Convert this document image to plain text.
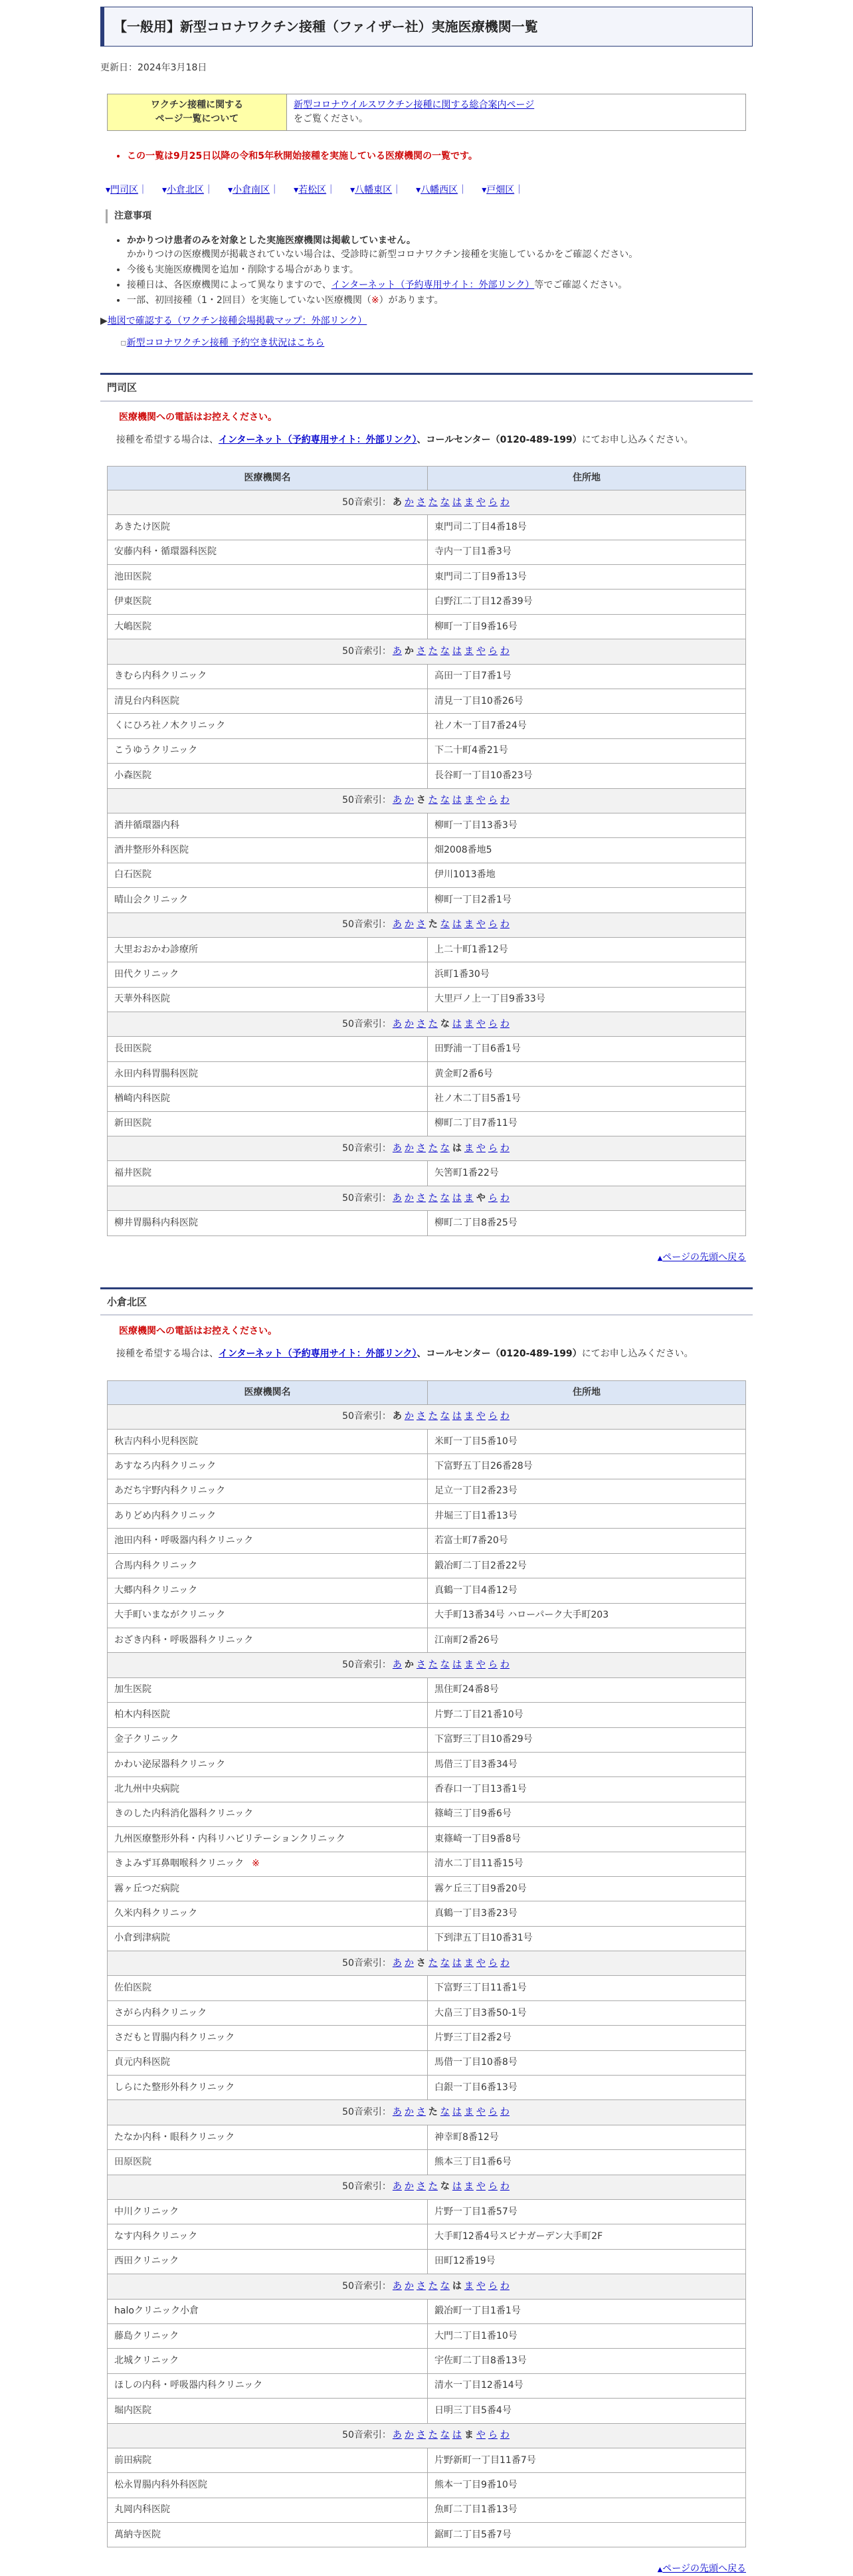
【一般用】新型コロナワクチン接種（ファイザー社）実施医療機関一覧
更新日：2024年3月18日
ワクチン接種に関する
ページ一覧について	新型コロナウイルスワクチン接種に関する総合案内ページ
をご覧ください。
• この一覧は9月25日以降の令和5年秋開始接種を実施している医療機関の一覧です。
▾門司区｜ ▾小倉北区｜ ▾小倉南区｜ ▾若松区｜ ▾八幡東区｜ ▾八幡西区｜ ▾戸畑区｜
注意事項
• かかりつけ患者のみを対象とした実施医療機関は掲載していません。
かかりつけの医療機関が掲載されていない場合は、受診時に新型コロナワクチン接種を実施しているかをご確認ください。
• 今後も実施医療機関を追加・削除する場合があります。
• 接種日は、各医療機関によって異なりますので、インターネット（予約専用サイト：外部リンク）等でご確認ください。
• 一部、初回接種（1・2回目）を実施していない医療機関（※）があります。
▶地図で確認する（ワクチン接種会場掲載マップ：外部リンク）
▫新型コロナワクチン接種 予約空き状況はこちら
門司区
医療機関への電話はお控えください。
接種を希望する場合は、インターネット（予約専用サイト：外部リンク）、コールセンター（0120-489-199）にてお申し込みください。
医療機関名	住所地
50音索引： あ か さ た な は ま や ら わ	
あきたけ医院	東門司二丁目4番18号
安藤内科・循環器科医院	寺内一丁目1番3号
池田医院	東門司二丁目9番13号
伊東医院	白野江二丁目12番39号
大嶋医院	柳町一丁目9番16号
50音索引： あ か さ た な は ま や ら わ	
きむら内科クリニック	高田一丁目7番1号
清見台内科医院	清見一丁目10番26号
くにひろ社ノ木クリニック	社ノ木一丁目7番24号
こうゆうクリニック	下二十町4番21号
小森医院	長谷町一丁目10番23号
50音索引： あ か さ た な は ま や ら わ	
酒井循環器内科	柳町一丁目13番3号
酒井整形外科医院	畑2008番地5
白石医院	伊川1013番地
晴山会クリニック	柳町一丁目2番1号
50音索引： あ か さ た な は ま や ら わ	
大里おおかわ診療所	上二十町1番12号
田代クリニック	浜町1番30号
天華外科医院	大里戸ノ上一丁目9番33号
50音索引： あ か さ た な は ま や ら わ	
長田医院	田野浦一丁目6番1号
永田内科胃腸科医院	黄金町2番6号
楢崎内科医院	社ノ木二丁目5番1号
新田医院	柳町二丁目7番11号
50音索引： あ か さ た な は ま や ら わ	
福井医院	矢筈町1番22号
50音索引： あ か さ た な は ま や ら わ	
柳井胃腸科内科医院	柳町二丁目8番25号
▲ページの先頭へ戻る
小倉北区
医療機関への電話はお控えください。
接種を希望する場合は、インターネット（予約専用サイト：外部リンク）、コールセンター（0120-489-199）にてお申し込みください。
医療機関名	住所地
50音索引： あ か さ た な は ま や ら わ	
秋吉内科小児科医院	米町一丁目5番10号
あすなろ内科クリニック	下富野五丁目26番28号
あだち宇野内科クリニック	足立一丁目2番23号
ありどめ内科クリニック	井堀三丁目1番13号
池田内科・呼吸器内科クリニック	若富士町7番20号
合馬内科クリニック	鍛冶町二丁目2番22号
大郷内科クリニック	真鶴一丁目4番12号
大手町いまながクリニック	大手町13番34号 ハローパーク大手町203
おざき内科・呼吸器科クリニック	江南町2番26号
50音索引： あ か さ た な は ま や ら わ	
加生医院	黒住町24番8号
柏木内科医院	片野二丁目21番10号
金子クリニック	下富野三丁目10番29号
かわい泌尿器科クリニック	馬借三丁目3番34号
北九州中央病院	香春口一丁目13番1号
きのした内科消化器科クリニック	篠崎三丁目9番6号
九州医療整形外科・内科リハビリテーションクリニック	東篠崎一丁目9番8号
きよみず耳鼻咽喉科クリニック ※	清水二丁目11番15号
霧ヶ丘つだ病院	霧ケ丘三丁目9番20号
久米内科クリニック	真鶴一丁目3番23号
小倉到津病院	下到津五丁目10番31号
50音索引： あ か さ た な は ま や ら わ	
佐伯医院	下富野三丁目11番1号
さがら内科クリニック	大畠三丁目3番50-1号
さだもと胃腸内科クリニック	片野三丁目2番2号
貞元内科医院	馬借一丁目10番8号
しらにた整形外科クリニック	白銀一丁目6番13号
50音索引： あ か さ た な は ま や ら わ	
たなか内科・眼科クリニック	神幸町8番12号
田原医院	熊本三丁目1番6号
50音索引： あ か さ た な は ま や ら わ	
中川クリニック	片野一丁目1番57号
なす内科クリニック	大手町12番4号スピナガーデン大手町2F
西田クリニック	田町12番19号
50音索引： あ か さ た な は ま や ら わ	
haloクリニック小倉	鍛冶町一丁目1番1号
藤島クリニック	大門二丁目1番10号
北城クリニック	宇佐町二丁目8番13号
ほしの内科・呼吸器内科クリニック	清水一丁目12番14号
堀内医院	日明三丁目5番4号
50音索引： あ か さ た な は ま や ら わ	
前田病院	片野新町一丁目11番7号
松永胃腸内科外科医院	熊本一丁目9番10号
丸岡内科医院	魚町二丁目1番13号
萬納寺医院	鋸町二丁目5番7号
▲ページの先頭へ戻る
